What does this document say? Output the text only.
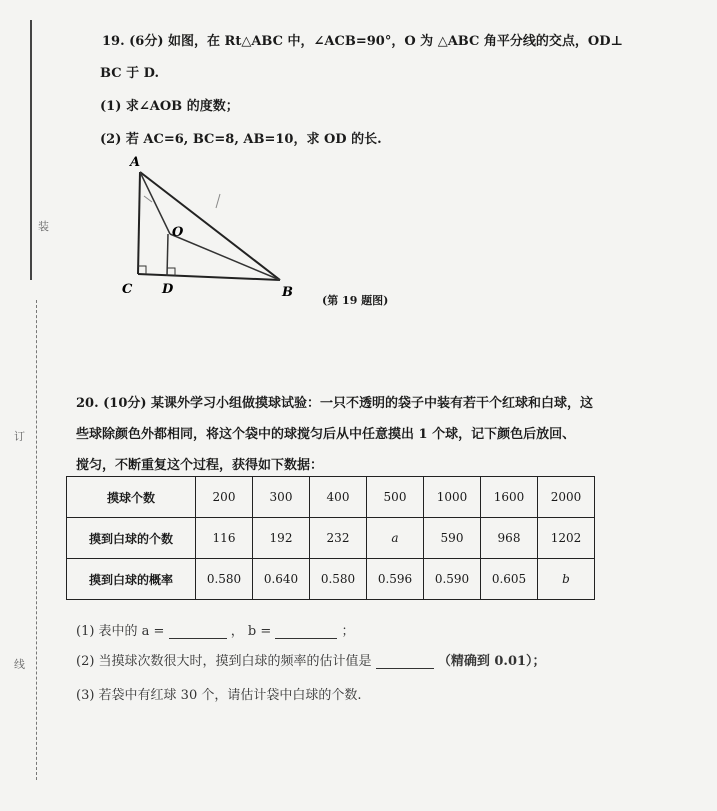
装
订
线
19. (6分) 如图，在 Rt△ABC 中，∠ACB=90°，O 为 △ABC 角平分线的交点，OD⊥
BC 于 D.
(1) 求∠AOB 的度数；
(2) 若 AC=6, BC=8, AB=10，求 OD 的长.
A
O
C D	B
(第 19 题图)
20. (10分) 某课外学习小组做摸球试验：一只不透明的袋子中装有若干个红球和白球，这
些球除颜色外都相同，将这个袋中的球搅匀后从中任意摸出 1 个球，记下颜色后放回、
搅匀，不断重复这个过程，获得如下数据：
摸球个数	200	300	400	500	1000	1600	2000
摸到白球的个数	116	192	232	a	590	968	1202
摸到白球的概率	0.580	0.640	0.580	0.596	0.590	0.605	b
(1) 表中的 a =	， b =	；
(2) 当摸球次数很大时，摸到白球的频率的估计值是	（精确到 0.01）；
(3) 若袋中有红球 30 个，请估计袋中白球的个数.
